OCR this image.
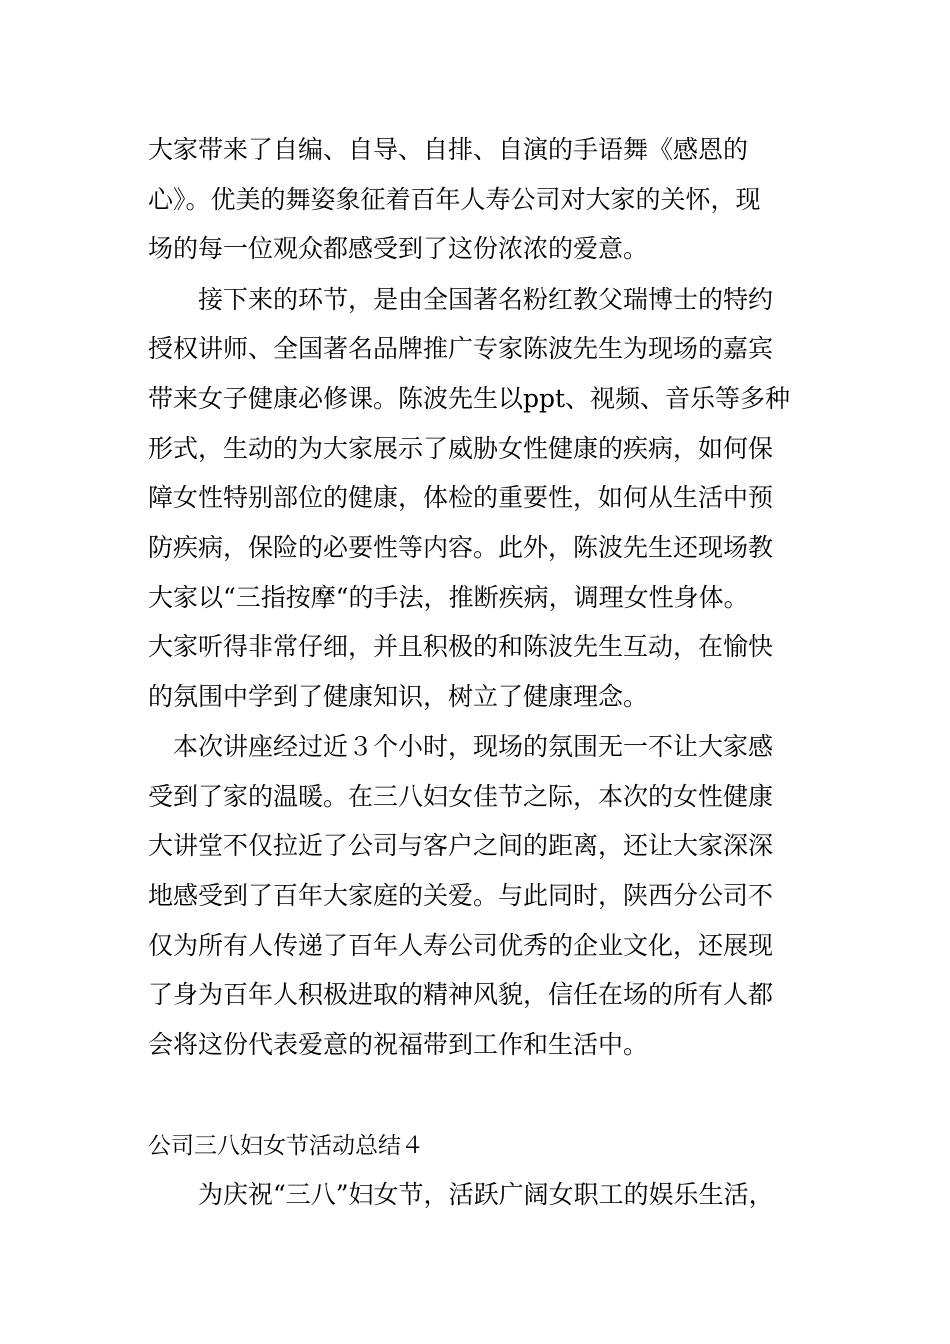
大家带来了自编、自导、自排、自演的手语舞《感恩的
心》。优美的舞姿象征着百年人寿公司对大家的关怀，现
场的每一位观众都感受到了这份浓浓的爱意。
　　接下来的环节，是由全国著名粉红教父瑞博士的特约
授权讲师、全国著名品牌推广专家陈波先生为现场的嘉宾
带来女子健康必修课。陈波先生以ppt、视频、音乐等多种
形式，生动的为大家展示了威胁女性健康的疾病，如何保
障女性特别部位的健康，体检的重要性，如何从生活中预
防疾病，保险的必要性等内容。此外，陈波先生还现场教
大家以“三指按摩“的手法，推断疾病，调理女性身体。
大家听得非常仔细，并且积极的和陈波先生互动，在愉快
的氛围中学到了健康知识，树立了健康理念。
　本次讲座经过近３个小时，现场的氛围无一不让大家感
受到了家的温暖。在三八妇女佳节之际，本次的女性健康
大讲堂不仅拉近了公司与客户之间的距离，还让大家深深
地感受到了百年大家庭的关爱。与此同时，陕西分公司不
仅为所有人传递了百年人寿公司优秀的企业文化，还展现
了身为百年人积极进取的精神风貌，信任在场的所有人都
会将这份代表爱意的祝福带到工作和生活中。
公司三八妇女节活动总结４
　　为庆祝“三八”妇女节，活跃广阔女职工的娱乐生活，
